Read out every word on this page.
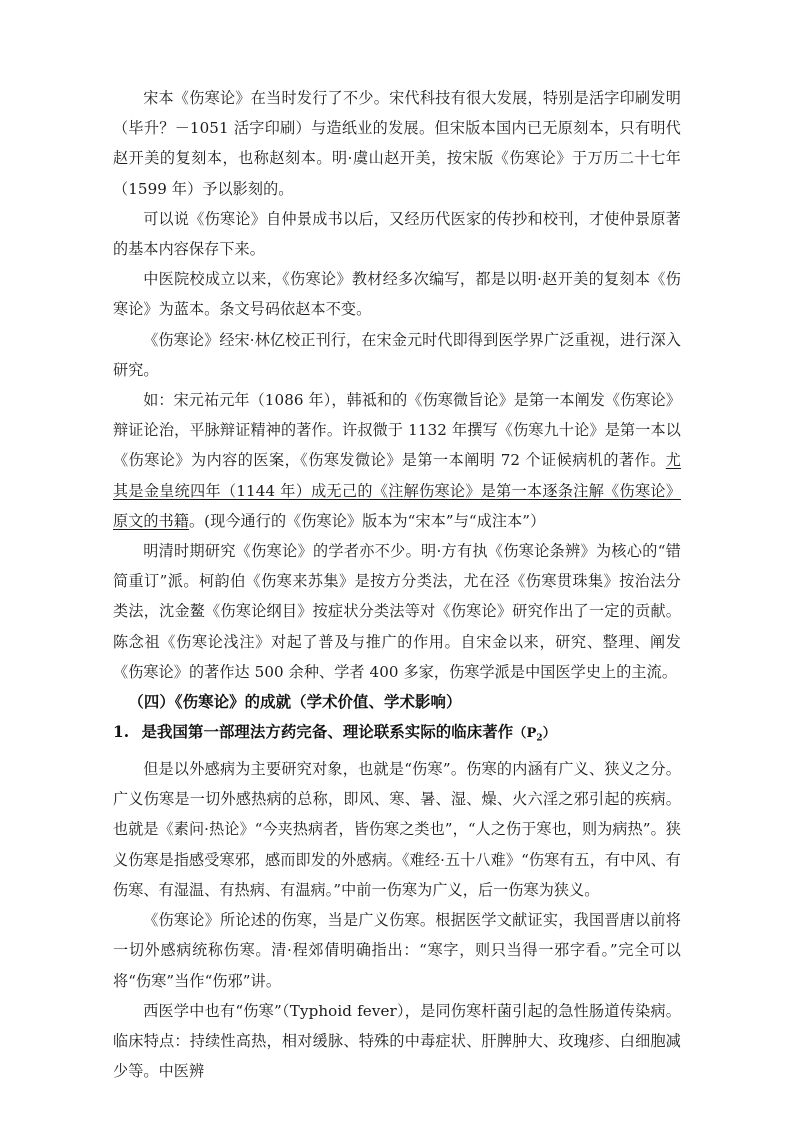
宋本《伤寒论》在当时发行了不少。宋代科技有很大发展，特别是活字印刷发明（毕升？－1051 活字印刷）与造纸业的发展。但宋版本国内已无原刻本，只有明代赵开美的复刻本，也称赵刻本。明·虞山赵开美，按宋版《伤寒论》于万历二十七年（1599 年）予以影刻的。

可以说《伤寒论》自仲景成书以后，又经历代医家的传抄和校刊，才使仲景原著的基本内容保存下来。

中医院校成立以来，《伤寒论》教材经多次编写，都是以明·赵开美的复刻本《伤寒论》为蓝本。条文号码依赵本不变。

《伤寒论》经宋·林亿校正刊行，在宋金元时代即得到医学界广泛重视，进行深入研究。

如：宋元祐元年（1086 年），韩祗和的《伤寒微旨论》是第一本阐发《伤寒论》辩证论治，平脉辩证精神的著作。许叔微于 1132 年撰写《伤寒九十论》是第一本以《伤寒论》为内容的医案，《伤寒发微论》是第一本阐明 72 个证候病机的著作。尤其是金皇统四年（1144 年）成无己的《注解伤寒论》是第一本逐条注解《伤寒论》原文的书籍。(现今通行的《伤寒论》版本为“宋本”与“成注本”）

明清时期研究《伤寒论》的学者亦不少。明·方有执《伤寒论条辨》为核心的“错简重订”派。柯韵伯《伤寒来苏集》是按方分类法，尤在泾《伤寒贯珠集》按治法分类法，沈金鳌《伤寒论纲目》按症状分类法等对《伤寒论》研究作出了一定的贡献。陈念祖《伤寒论浅注》对起了普及与推广的作用。自宋金以来，研究、整理、阐发《伤寒论》的著作达 500 余种、学者 400 多家，伤寒学派是中国医学史上的主流。

（四）《伤寒论》的成就（学术价值、学术影响）
1. 是我国第一部理法方药完备、理论联系实际的临床著作$(P_2)$

但是以外感病为主要研究对象，也就是“伤寒”。伤寒的内涵有广义、狭义之分。广义伤寒是一切外感热病的总称，即风、寒、暑、湿、燥、火六淫之邪引起的疾病。也就是《素问·热论》“今夹热病者，皆伤寒之类也”，“人之伤于寒也，则为病热”。狭义伤寒是指感受寒邪，感而即发的外感病。《难经·五十八难》“伤寒有五，有中风、有伤寒、有湿温、有热病、有温病。”中前一伤寒为广义，后一伤寒为狭义。

《伤寒论》所论述的伤寒，当是广义伤寒。根据医学文献证实，我国晋唐以前将一切外感病统称伤寒。清·程郊倩明确指出：“寒字，则只当得一邪字看。”完全可以将“伤寒”当作“伤邪”讲。

西医学中也有“伤寒”（Typhoid fever），是同伤寒杆菌引起的急性肠道传染病。临床特点：持续性高热，相对缓脉、特殊的中毒症状、肝脾肿大、玫瑰疹、白细胞减少等。中医辨
